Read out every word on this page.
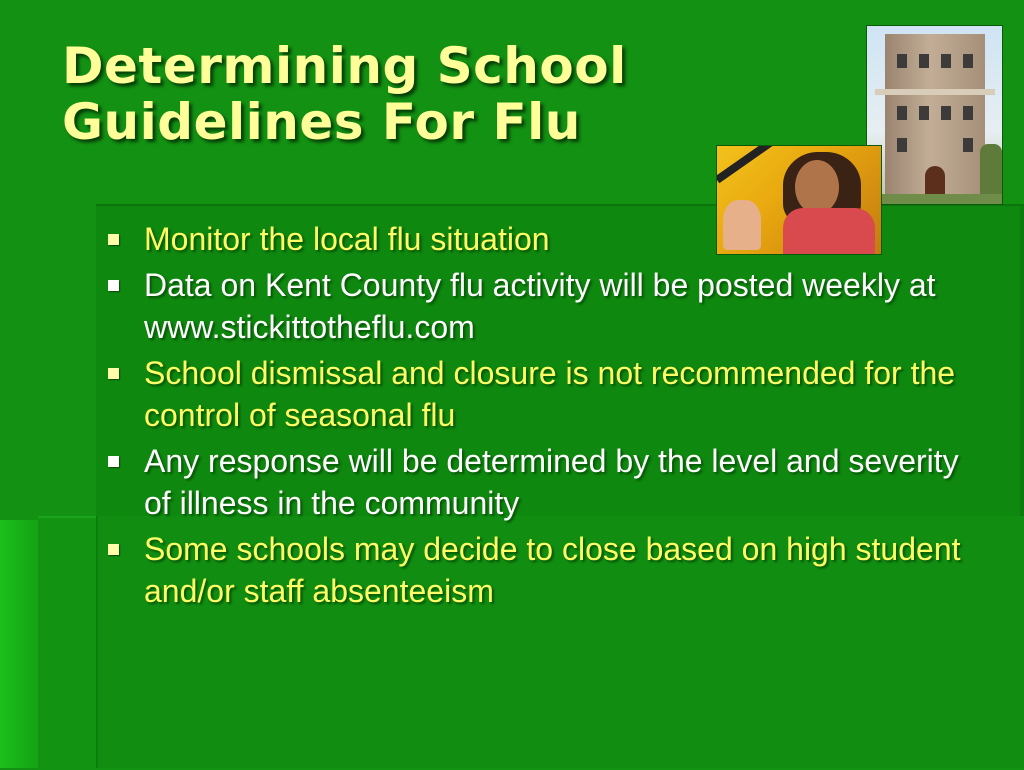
Determining School
Guidelines For Flu
Monitor the local flu situation
Data on Kent County flu activity will be posted weekly at www.stickittotheflu.com
School dismissal and closure is not recommended for the control of seasonal flu
Any response will be determined by the level and severity of illness in the community
Some schools may decide to close based on high student and/or staff absenteeism
